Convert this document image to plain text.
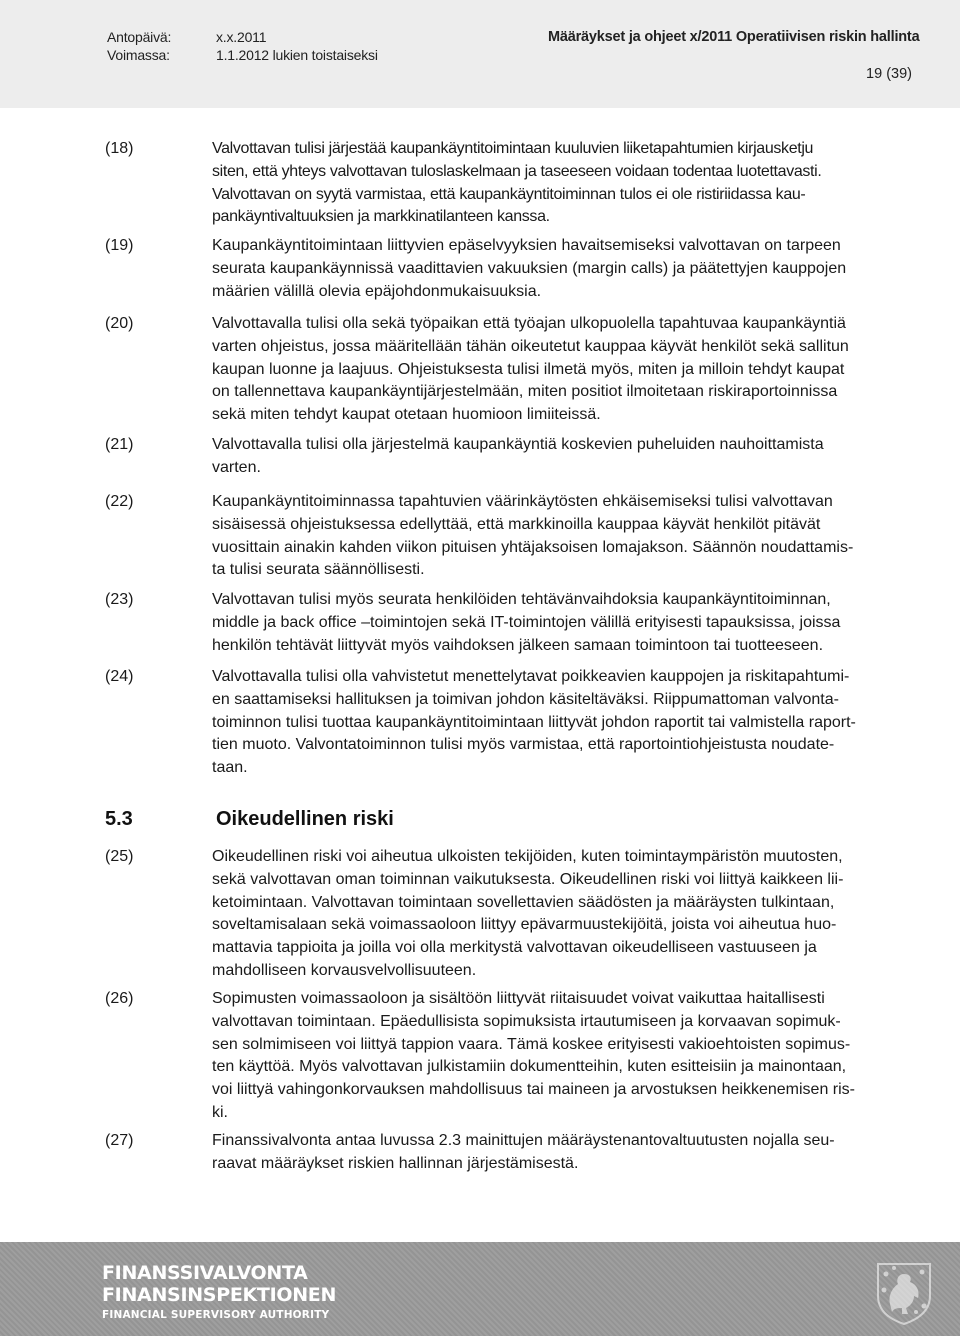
Antopäivä:	x.x.2011
Voimassa:	1.1.2012 lukien toistaiseksi
Määräykset ja ohjeet x/2011 Operatiivisen riskin hallinta
19 (39)
(18)	Valvottavan tulisi järjestää kaupankäyntitoimintaan kuuluvien liiketapahtumien kirjausketju
siten, että yhteys valvottavan tuloslaskelmaan ja taseeseen voidaan todentaa luotettavasti.
Valvottavan on syytä varmistaa, että kaupankäyntitoiminnan tulos ei ole ristiriidassa kau-
pankäyntivaltuuksien ja markkinatilanteen kanssa.
(19)	Kaupankäyntitoimintaan liittyvien epäselvyyksien havaitsemiseksi valvottavan on tarpeen
seurata kaupankäynnissä vaadittavien vakuuksien (margin calls) ja päätettyjen kauppojen
määrien välillä olevia epäjohdonmukaisuuksia.
(20)	Valvottavalla tulisi olla sekä työpaikan että työajan ulkopuolella tapahtuvaa kaupankäyntiä
varten ohjeistus, jossa määritellään tähän oikeutetut kauppaa käyvät henkilöt sekä sallitun
kaupan luonne ja laajuus. Ohjeistuksesta tulisi ilmetä myös, miten ja milloin tehdyt kaupat
on tallennettava kaupankäyntijärjestelmään, miten positiot ilmoitetaan riskiraportoinnissa
sekä miten tehdyt kaupat otetaan huomioon limiiteissä.
(21)	Valvottavalla tulisi olla järjestelmä kaupankäyntiä koskevien puheluiden nauhoittamista
varten.
(22)	Kaupankäyntitoiminnassa tapahtuvien väärinkäytösten ehkäisemiseksi tulisi valvottavan
sisäisessä ohjeistuksessa edellyttää, että markkinoilla kauppaa käyvät henkilöt pitävät
vuosittain ainakin kahden viikon pituisen yhtäjaksoisen lomajakson. Säännön noudattamis-
ta tulisi seurata säännöllisesti.
(23)	Valvottavan tulisi myös seurata henkilöiden tehtävänvaihdoksia kaupankäyntitoiminnan,
middle ja back office –toimintojen sekä IT-toimintojen välillä erityisesti tapauksissa, joissa
henkilön tehtävät liittyvät myös vaihdoksen jälkeen samaan toimintoon tai tuotteeseen.
(24)	Valvottavalla tulisi olla vahvistetut menettelytavat poikkeavien kauppojen ja riskitapahtumi-
en saattamiseksi hallituksen ja toimivan johdon käsiteltäväksi. Riippumattoman valvonta-
toiminnon tulisi tuottaa kaupankäyntitoimintaan liittyvät johdon raportit tai valmistella raport-
tien muoto. Valvontatoiminnon tulisi myös varmistaa, että raportointiohjeistusta noudate-
taan.
5.3	Oikeudellinen riski
(25)	Oikeudellinen riski voi aiheutua ulkoisten tekijöiden, kuten toimintaympäristön muutosten,
sekä valvottavan oman toiminnan vaikutuksesta. Oikeudellinen riski voi liittyä kaikkeen lii-
ketoimintaan. Valvottavan toimintaan sovellettavien säädösten ja määräysten tulkintaan,
soveltamisalaan sekä voimassaoloon liittyy epävarmuustekijöitä, joista voi aiheutua huo-
mattavia tappioita ja joilla voi olla merkitystä valvottavan oikeudelliseen vastuuseen ja
mahdolliseen korvausvelvollisuuteen.
(26)	Sopimusten voimassaoloon ja sisältöön liittyvät riitaisuudet voivat vaikuttaa haitallisesti
valvottavan toimintaan. Epäedullisista sopimuksista irtautumiseen ja korvaavan sopimuk-
sen solmimiseen voi liittyä tappion vaara. Tämä koskee erityisesti vakioehtoisten sopimus-
ten käyttöä. Myös valvottavan julkistamiin dokumentteihin, kuten esitteisiin ja mainontaan,
voi liittyä vahingonkorvauksen mahdollisuus tai maineen ja arvostuksen heikkenemisen ris-
ki.
(27)	Finanssivalvonta antaa luvussa 2.3 mainittujen määräystenantovaltuutusten nojalla seu-
raavat määräykset riskien hallinnan järjestämisestä.
FINANSSIVALVONTA
FINANSINSPEKTIONEN
FINANCIAL SUPERVISORY AUTHORITY
